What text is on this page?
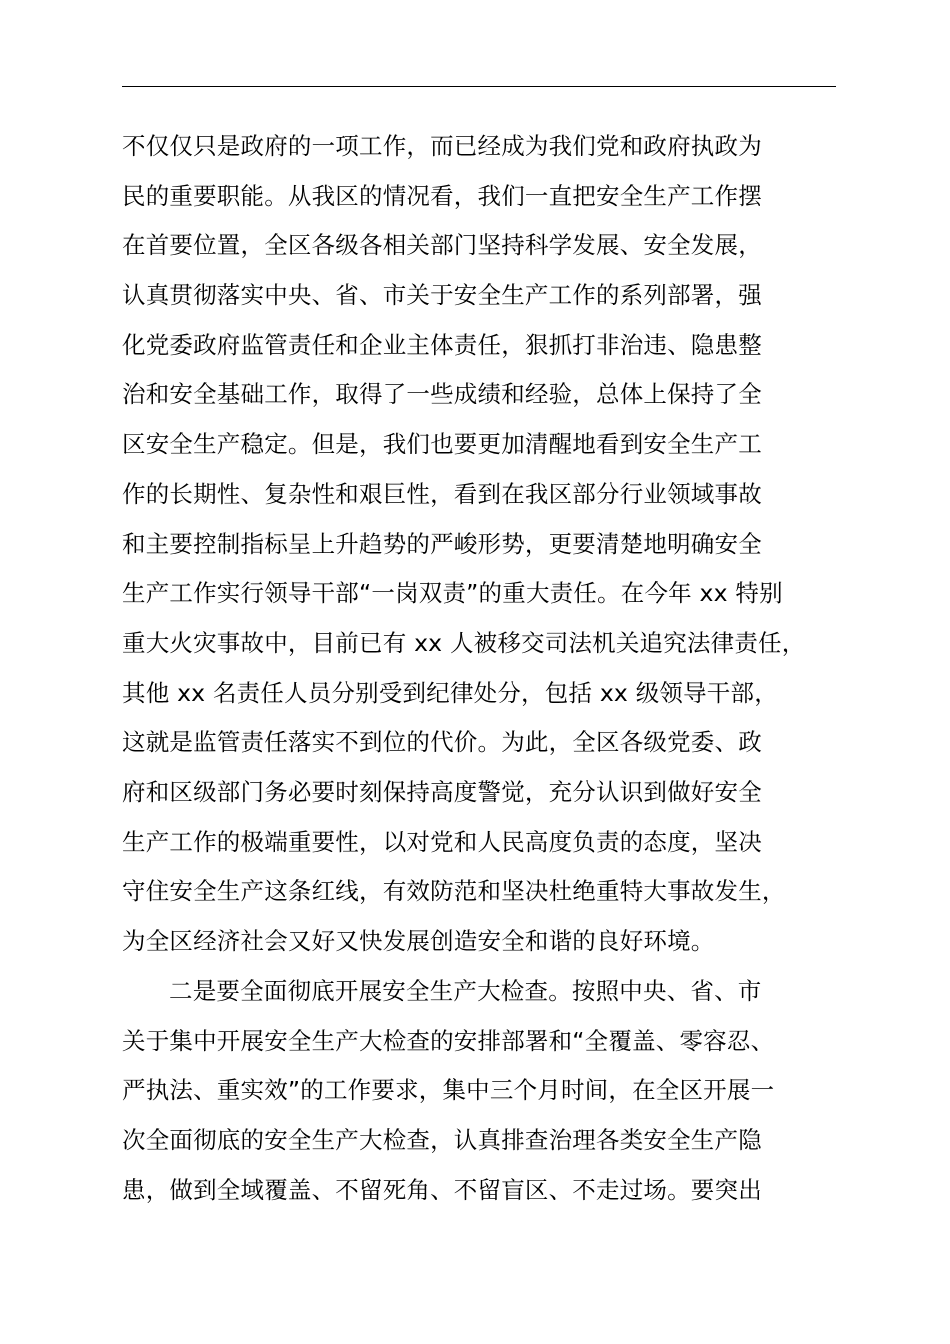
不仅仅只是政府的一项工作，而已经成为我们党和政府执政为
民的重要职能。从我区的情况看，我们一直把安全生产工作摆
在首要位置，全区各级各相关部门坚持科学发展、安全发展，
认真贯彻落实中央、省、市关于安全生产工作的系列部署，强
化党委政府监管责任和企业主体责任，狠抓打非治违、隐患整
治和安全基础工作，取得了一些成绩和经验，总体上保持了全
区安全生产稳定。但是，我们也要更加清醒地看到安全生产工
作的长期性、复杂性和艰巨性，看到在我区部分行业领域事故
和主要控制指标呈上升趋势的严峻形势，更要清楚地明确安全
生产工作实行领导干部“一岗双责”的重大责任。在今年 xx 特别
重大火灾事故中，目前已有 xx 人被移交司法机关追究法律责任，
其他 xx 名责任人员分别受到纪律处分，包括 xx 级领导干部，
这就是监管责任落实不到位的代价。为此，全区各级党委、政
府和区级部门务必要时刻保持高度警觉，充分认识到做好安全
生产工作的极端重要性，以对党和人民高度负责的态度，坚决
守住安全生产这条红线，有效防范和坚决杜绝重特大事故发生，
为全区经济社会又好又快发展创造安全和谐的良好环境。
二是要全面彻底开展安全生产大检查。按照中央、省、市
关于集中开展安全生产大检查的安排部署和“全覆盖、零容忍、
严执法、重实效”的工作要求，集中三个月时间，在全区开展一
次全面彻底的安全生产大检查，认真排查治理各类安全生产隐
患，做到全域覆盖、不留死角、不留盲区、不走过场。要突出
